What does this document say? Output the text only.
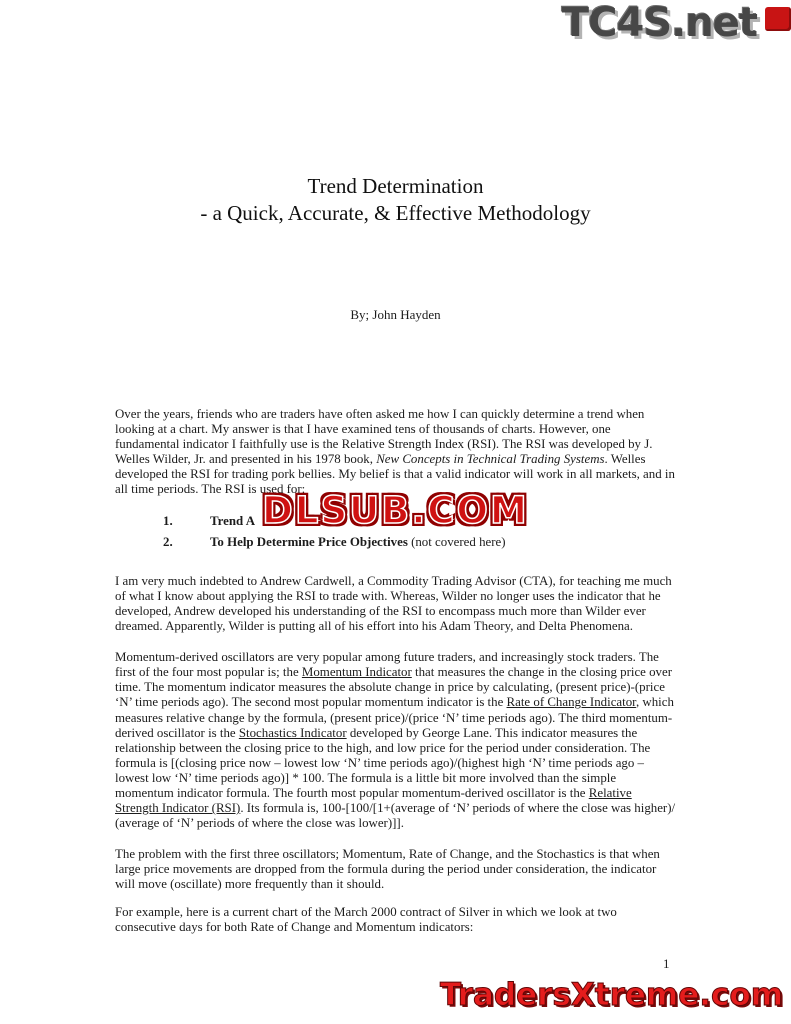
TC4S.net
Trend Determination
- a Quick, Accurate, & Effective Methodology
By; John Hayden

Over the years, friends who are traders have often asked me how I can quickly determine a trend when looking at a chart. My answer is that I have examined tens of thousands of charts. However, one fundamental indicator I faithfully use is the Relative Strength Index (RSI). The RSI was developed by J. Welles Wilder, Jr. and presented in his 1978 book, New Concepts in Technical Trading Systems. Welles developed the RSI for trading pork bellies. My belief is that a valid indicator will work in all markets, and in all time periods. The RSI is used for:

1.	Trend A
2.	To Help Determine Price Objectives (not covered here)

I am very much indebted to Andrew Cardwell, a Commodity Trading Advisor (CTA), for teaching me much of what I know about applying the RSI to trade with. Whereas, Wilder no longer uses the indicator that he developed, Andrew developed his understanding of the RSI to encompass much more than Wilder ever dreamed. Apparently, Wilder is putting all of his effort into his Adam Theory, and Delta Phenomena.

Momentum-derived oscillators are very popular among future traders, and increasingly stock traders. The first of the four most popular is; the Momentum Indicator that measures the change in the closing price over time. The momentum indicator measures the absolute change in price by calculating, (present price)-(price ‘N’ time periods ago). The second most popular momentum indicator is the Rate of Change Indicator, which measures relative change by the formula, (present price)/(price ‘N’ time periods ago). The third momentum-derived oscillator is the Stochastics Indicator developed by George Lane. This indicator measures the relationship between the closing price to the high, and low price for the period under consideration. The formula is [(closing price now – lowest low ‘N’ time periods ago)/(highest high ‘N’ time periods ago – lowest low ‘N’ time periods ago)] * 100. The formula is a little bit more involved than the simple momentum indicator formula. The fourth most popular momentum-derived oscillator is the Relative Strength Indicator (RSI). Its formula is, 100-[100/[1+(average of ‘N’ periods of where the close was higher)/ (average of ‘N’ periods of where the close was lower)]].

The problem with the first three oscillators; Momentum, Rate of Change, and the Stochastics is that when large price movements are dropped from the formula during the period under consideration, the indicator will move (oscillate) more frequently than it should.

For example, here is a current chart of the March 2000 contract of Silver in which we look at two consecutive days for both Rate of Change and Momentum indicators:

DLSUB.COM
1
TradersXtreme.com
